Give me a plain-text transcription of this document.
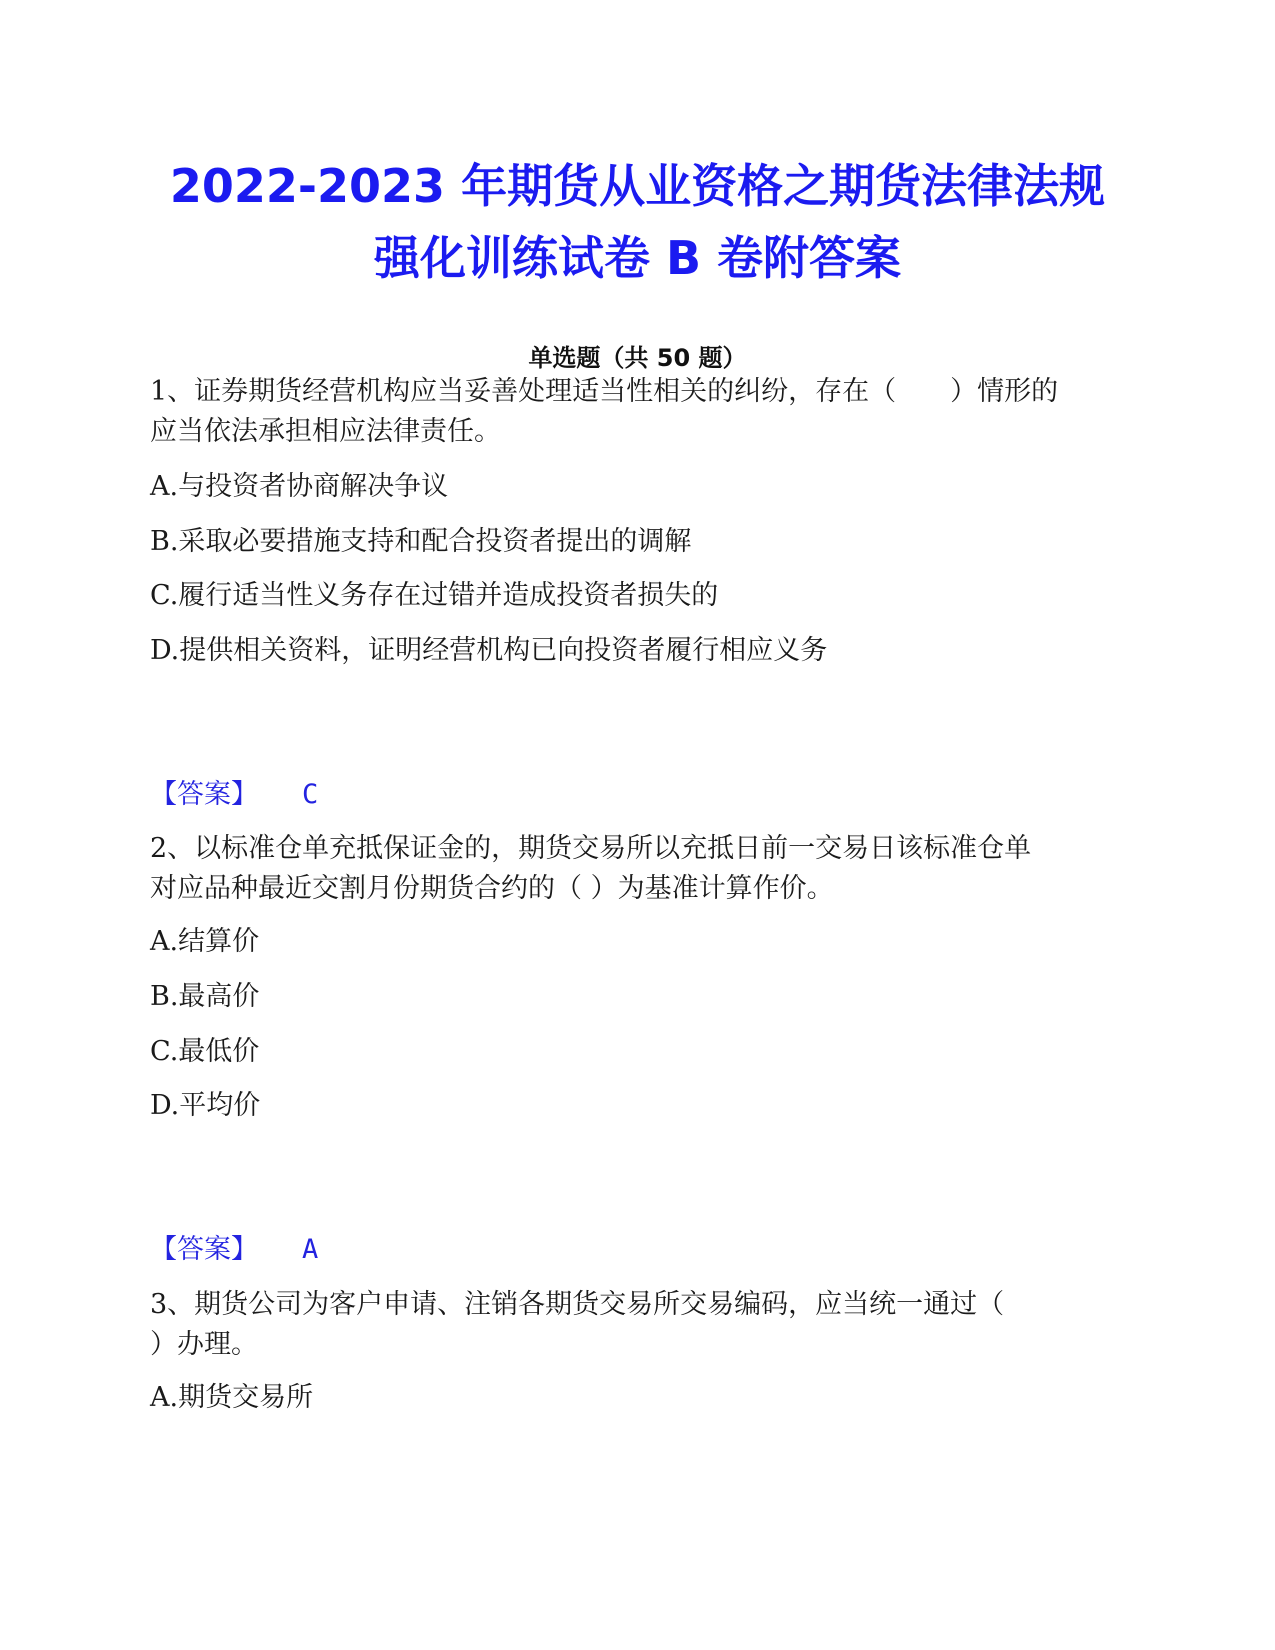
2022-2023 年期货从业资格之期货法律法规
强化训练试卷 B 卷附答案
单选题（共 50 题）
1、证券期货经营机构应当妥善处理适当性相关的纠纷，存在（　　）情形的
应当依法承担相应法律责任。
A.与投资者协商解决争议
B.采取必要措施支持和配合投资者提出的调解
C.履行适当性义务存在过错并造成投资者损失的
D.提供相关资料，证明经营机构已向投资者履行相应义务
【答案】 C
2、以标准仓单充抵保证金的，期货交易所以充抵日前一交易日该标准仓单
对应品种最近交割月份期货合约的（ ）为基准计算作价。
A.结算价
B.最高价
C.最低价
D.平均价
【答案】 A
3、期货公司为客户申请、注销各期货交易所交易编码，应当统一通过（
）办理。
A.期货交易所
